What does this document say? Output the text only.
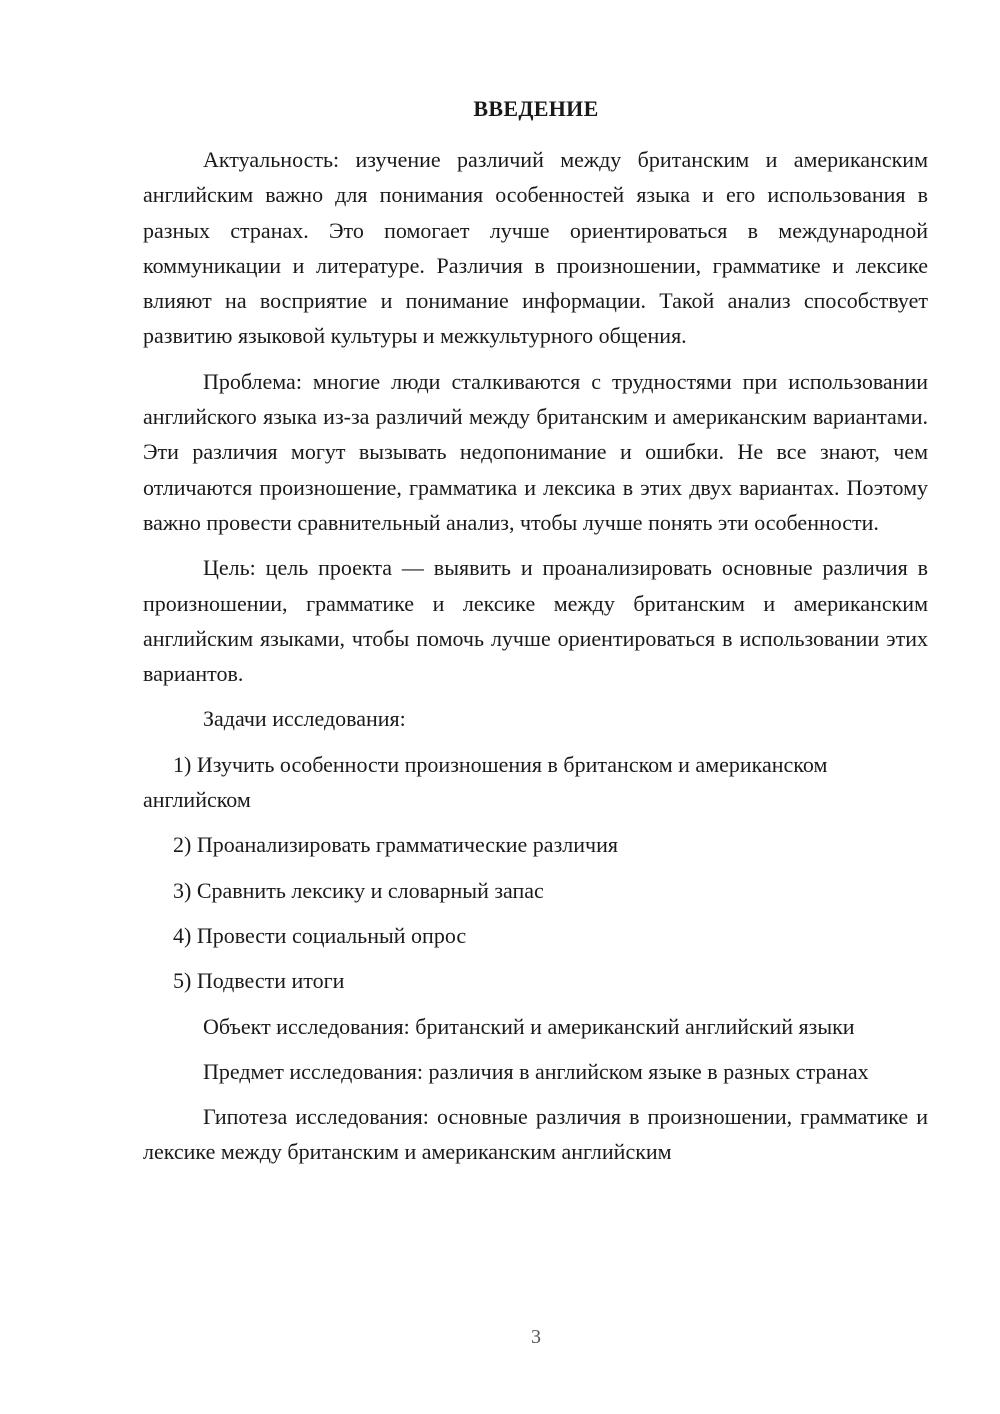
ВВЕДЕНИЕ

Актуальность: изучение различий между британским и американским английским важно для понимания особенностей языка и его использования в разных странах. Это помогает лучше ориентироваться в международной коммуникации и литературе. Различия в произношении, грамматике и лексике влияют на восприятие и понимание информации. Такой анализ способствует развитию языковой культуры и межкультурного общения.

Проблема: многие люди сталкиваются с трудностями при использовании английского языка из-за различий между британским и американским вариантами. Эти различия могут вызывать недопонимание и ошибки. Не все знают, чем отличаются произношение, грамматика и лексика в этих двух вариантах. Поэтому важно провести сравнительный анализ, чтобы лучше понять эти особенности.

Цель: цель проекта — выявить и проанализировать основные различия в произношении, грамматике и лексике между британским и американским английским языками, чтобы помочь лучше ориентироваться в использовании этих вариантов.

Задачи исследования:

1) Изучить особенности произношения в британском и американском английском

2) Проанализировать грамматические различия

3) Сравнить лексику и словарный запас

4) Провести социальный опрос

5) Подвести итоги

Объект исследования: британский и американский английский языки

Предмет исследования: различия в английском языке в разных странах

Гипотеза исследования: основные различия в произношении, грамматике и лексике между британским и американским английским

3
